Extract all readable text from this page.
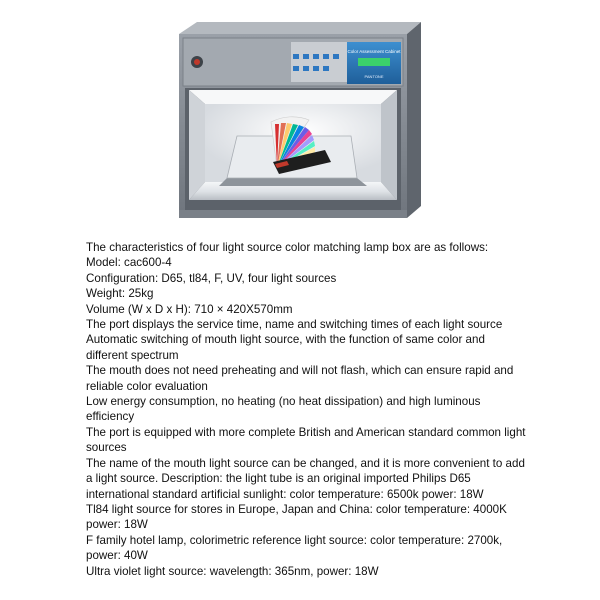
Color Assessment Cabinet
PANTONE
The characteristics of four light source color matching lamp box are as follows:
Model: cac600-4
Configuration: D65, tl84, F, UV, four light sources
Weight: 25kg
Volume (W x D x H): 710 × 420X570mm
The port displays the service time, name and switching times of each light source
Automatic switching of mouth light source, with the function of same color and different spectrum
The mouth does not need preheating and will not flash, which can ensure rapid and reliable color evaluation
Low energy consumption, no heating (no heat dissipation) and high luminous efficiency
The port is equipped with more complete British and American standard common light sources
The name of the mouth light source can be changed, and it is more convenient to add a light source. Description: the light tube is an original imported Philips D65 international standard artificial sunlight: color temperature: 6500k power: 18W
Tl84 light source for stores in Europe, Japan and China: color temperature: 4000K power: 18W
F family hotel lamp, colorimetric reference light source: color temperature: 2700k, power: 40W
Ultra violet light source: wavelength: 365nm, power: 18W
